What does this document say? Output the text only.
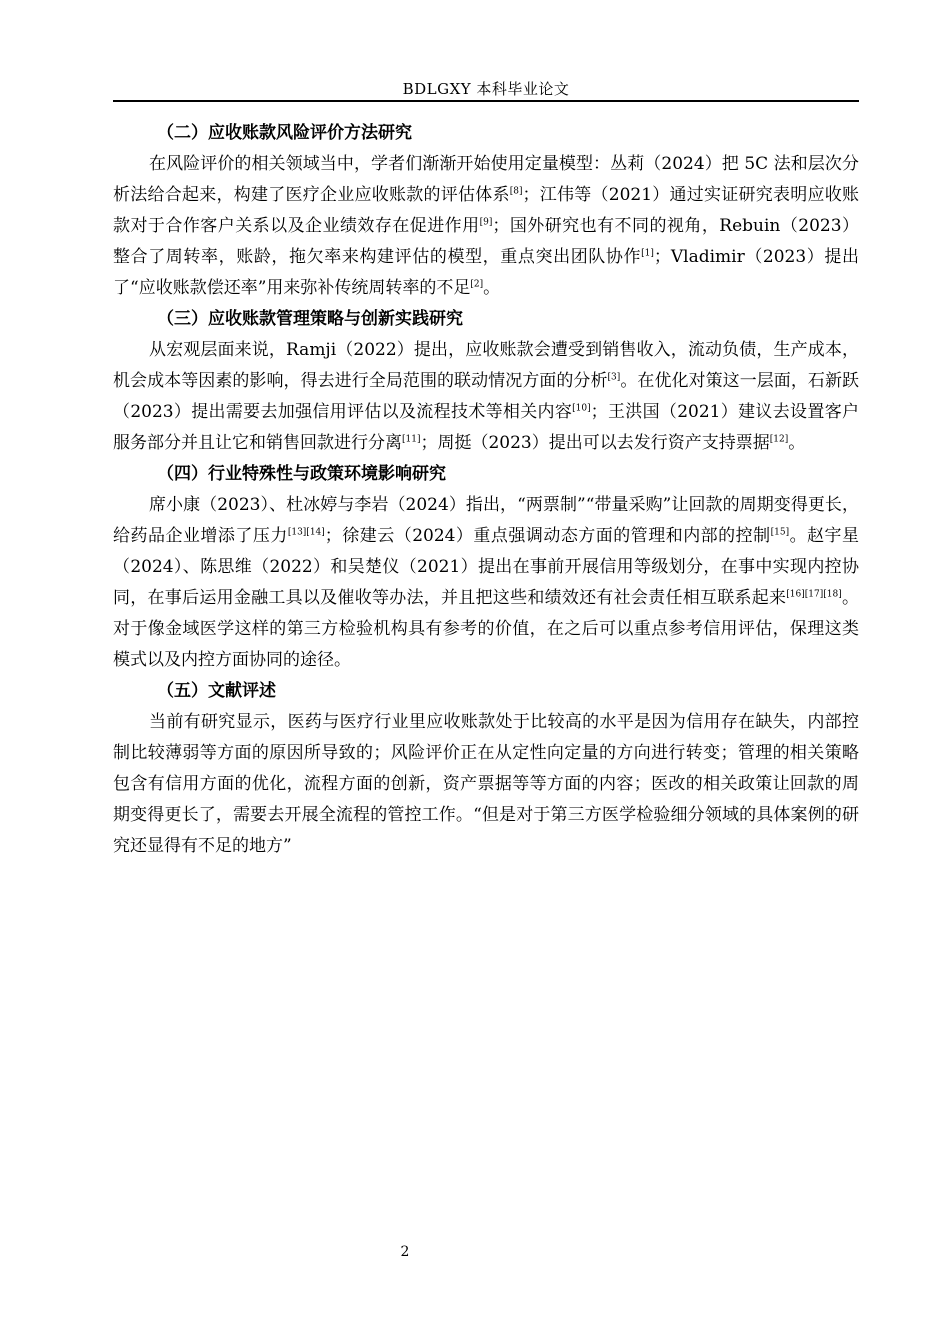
BDLGXY 本科毕业论文
（二）应收账款风险评价方法研究

在风险评价的相关领域当中，学者们渐渐开始使用定量模型：丛莉（2024）把 5C 法和层次分析法给合起来，构建了医疗企业应收账款的评估体系[8]；江伟等（2021）通过实证研究表明应收账款对于合作客户关系以及企业绩效存在促进作用[9]；国外研究也有不同的视角，Rebuin（2023）整合了周转率，账龄，拖欠率来构建评估的模型，重点突出团队协作[1]；Vladimir（2023）提出了“应收账款偿还率”用来弥补传统周转率的不足[2]。

（三）应收账款管理策略与创新实践研究

从宏观层面来说，Ramji（2022）提出，应收账款会遭受到销售收入，流动负债，生产成本，机会成本等因素的影响，得去进行全局范围的联动情况方面的分析[3]。在优化对策这一层面，石新跃（2023）提出需要去加强信用评估以及流程技术等相关内容[10]；王洪国（2021）建议去设置客户服务部分并且让它和销售回款进行分离[11]；周挺（2023）提出可以去发行资产支持票据[12]。

（四）行业特殊性与政策环境影响研究

席小康（2023）、杜冰婷与李岩（2024）指出，“两票制”“带量采购”让回款的周期变得更长，给药品企业增添了压力[13][14]；徐建云（2024）重点强调动态方面的管理和内部的控制[15]。赵宇星（2024）、陈思维（2022）和吴楚仪（2021）提出在事前开展信用等级划分，在事中实现内控协同，在事后运用金融工具以及催收等办法，并且把这些和绩效还有社会责任相互联系起来[16][17][18]。对于像金域医学这样的第三方检验机构具有参考的价值，在之后可以重点参考信用评估，保理这类模式以及内控方面协同的途径。

（五）文献评述

当前有研究显示，医药与医疗行业里应收账款处于比较高的水平是因为信用存在缺失，内部控制比较薄弱等方面的原因所导致的；风险评价正在从定性向定量的方向进行转变；管理的相关策略包含有信用方面的优化，流程方面的创新，资产票据等等方面的内容；医改的相关政策让回款的周期变得更长了，需要去开展全流程的管控工作。“但是对于第三方医学检验细分领域的具体案例的研究还显得有不足的地方”

2
